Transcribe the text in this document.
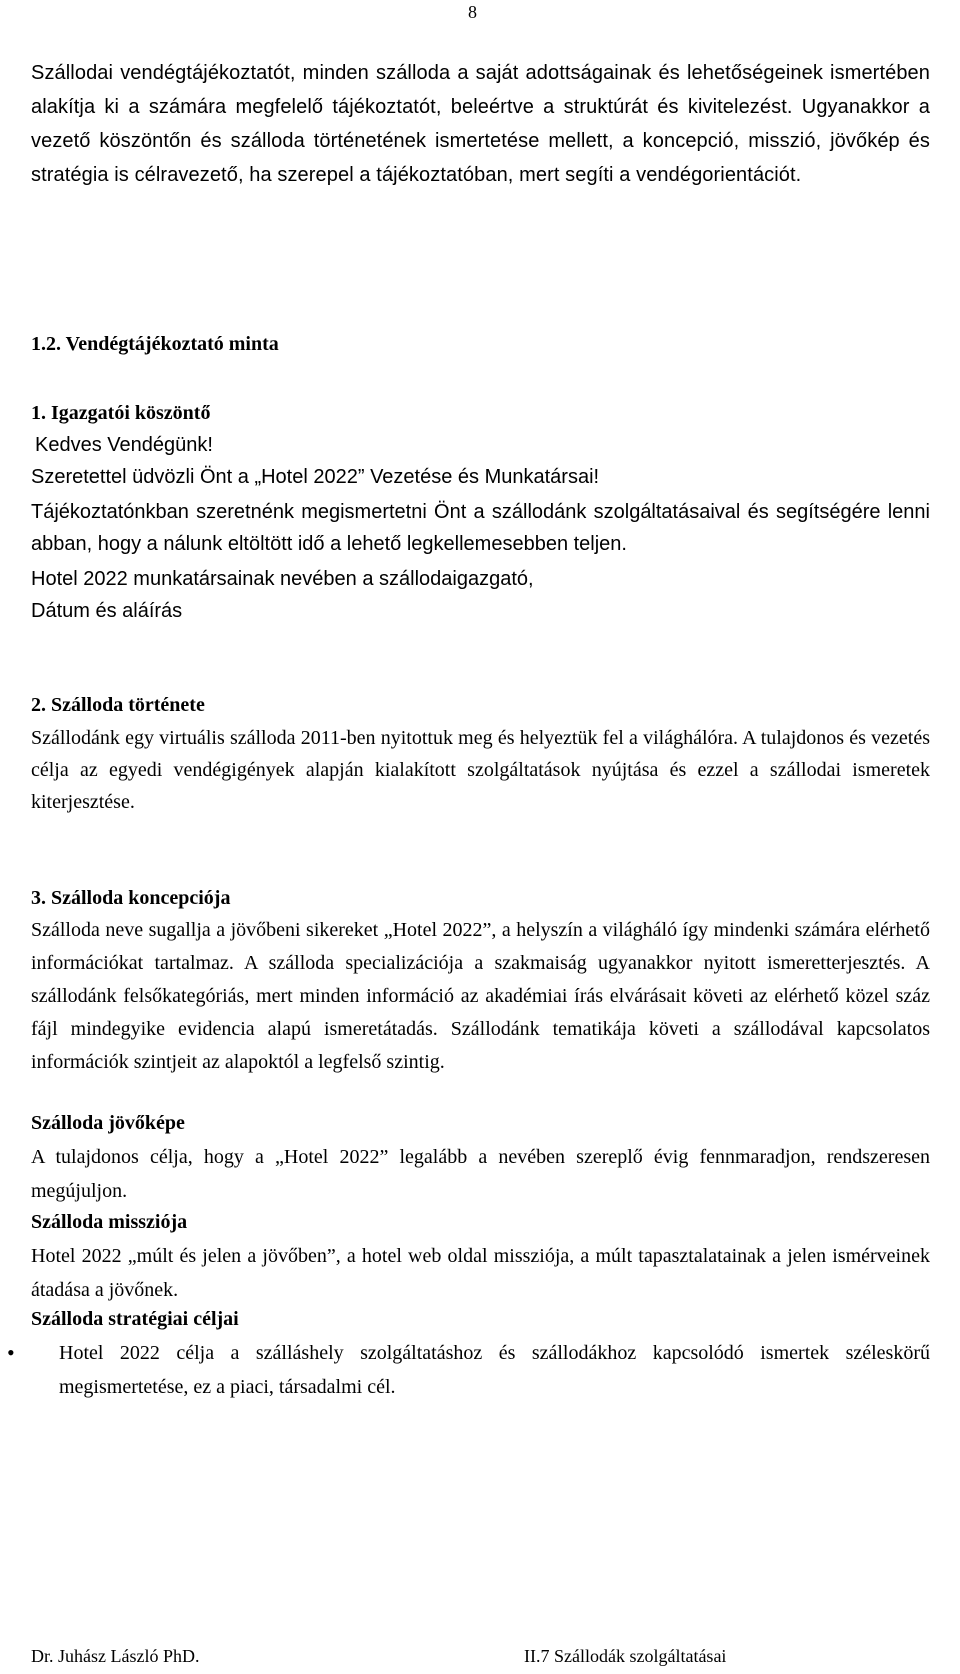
8

Szállodai vendégtájékoztatót, minden szálloda a saját adottságainak és lehetőségeinek ismertében alakítja ki a számára megfelelő tájékoztatót, beleértve a struktúrát és kivitelezést. Ugyanakkor a vezető köszöntőn és szálloda történetének ismertetése mellett, a koncepció, misszió, jövőkép és stratégia is célravezető, ha szerepel a tájékoztatóban, mert segíti a vendégorientációt.

1.2. Vendégtájékoztató minta
1. Igazgatói köszöntő
Kedves Vendégünk!
Szeretettel üdvözli Önt a „Hotel 2022” Vezetése és Munkatársai!

Tájékoztatónkban szeretnénk megismertetni Önt a szállodánk szolgáltatásaival és segítségére lenni abban, hogy a nálunk eltöltött idő a lehető legkellemesebben teljen.

Hotel 2022 munkatársainak nevében a szállodaigazgató,
Dátum és aláírás
2. Szálloda története

Szállodánk egy virtuális szálloda 2011-ben nyitottuk meg és helyeztük fel a világhálóra. A tulajdonos és vezetés célja az egyedi vendégigények alapján kialakított szolgáltatások nyújtása és ezzel a szállodai ismeretek kiterjesztése.

3. Szálloda koncepciója

Szálloda neve sugallja a jövőbeni sikereket „Hotel 2022”, a helyszín a világháló így mindenki számára elérhető információkat tartalmaz. A szálloda specializációja a szakmaiság ugyanakkor nyitott ismeretterjesztés. A szállodánk felsőkategóriás, mert minden információ az akadémiai írás elvárásait követi az elérhető közel száz fájl mindegyike evidencia alapú ismeretátadás. Szállodánk tematikája követi a szállodával kapcsolatos információk szintjeit az alapoktól a legfelső szintig.

Szálloda jövőképe

A tulajdonos célja, hogy a „Hotel 2022” legalább a nevében szereplő évig fennmaradjon, rendszeresen megújuljon.

Szálloda missziója

Hotel 2022 „múlt és jelen a jövőben”, a hotel web oldal missziója, a múlt tapasztalatainak a jelen ismérveinek átadása a jövőnek.

Szálloda stratégiai céljai
• Hotel 2022 célja a szálláshely szolgáltatáshoz és szállodákhoz kapcsolódó ismertek széleskörű megismertetése, ez a piaci, társadalmi cél.

Dr. Juhász László PhD.	II.7 Szállodák szolgáltatásai
